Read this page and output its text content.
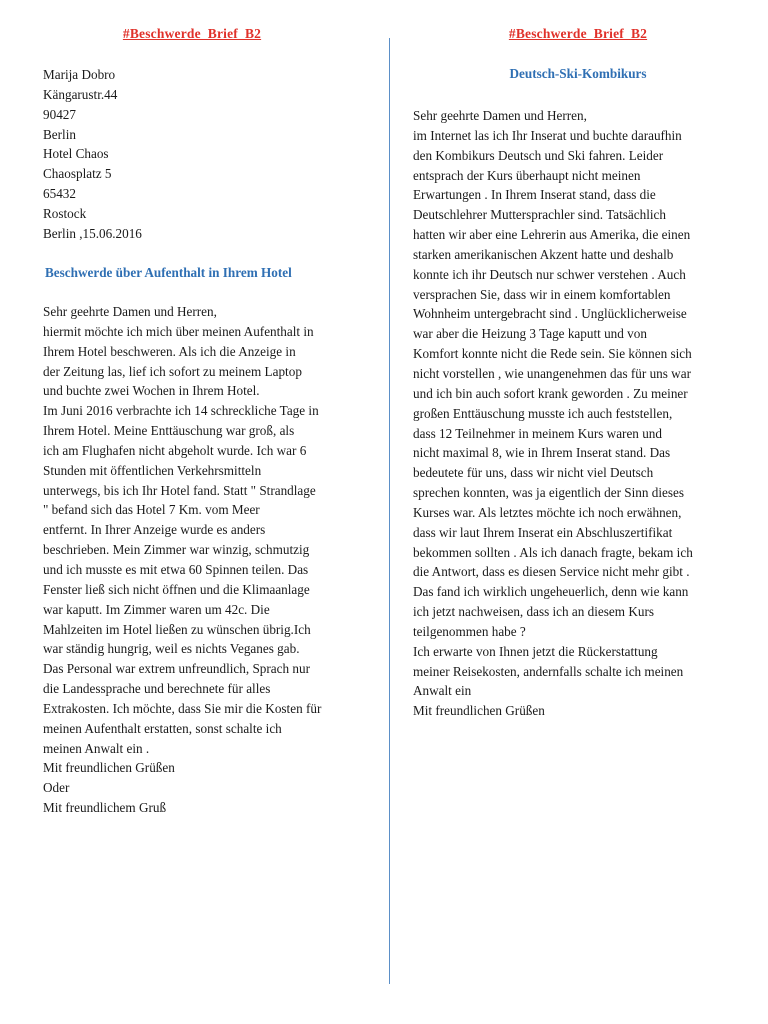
#Beschwerde_Brief_B2
Marija Dobro
Kängarustr.44
90427
Berlin
Hotel Chaos
Chaosplatz 5
65432
Rostock
Berlin ,15.06.2016
Beschwerde über Aufenthalt in Ihrem Hotel
Sehr geehrte Damen und Herren,
hiermit möchte ich mich über meinen Aufenthalt in
Ihrem Hotel beschweren. Als ich die Anzeige in
der Zeitung las, lief ich sofort zu meinem Laptop
und buchte zwei Wochen in Ihrem Hotel.
Im Juni 2016 verbrachte ich 14 schreckliche Tage in
Ihrem Hotel. Meine Enttäuschung war groß, als
ich am Flughafen nicht abgeholt wurde. Ich war 6
Stunden mit öffentlichen Verkehrsmitteln
unterwegs, bis ich Ihr Hotel fand. Statt " Strandlage
" befand sich das Hotel 7 Km. vom Meer
entfernt. In Ihrer Anzeige wurde es anders
beschrieben. Mein Zimmer war winzig, schmutzig
und ich musste es mit etwa 60 Spinnen teilen. Das
Fenster ließ sich nicht öffnen und die Klimaanlage
war kaputt. Im Zimmer waren um 42c. Die
Mahlzeiten im Hotel ließen zu wünschen übrig.Ich
war ständig hungrig, weil es nichts Veganes gab.
Das Personal war extrem unfreundlich, Sprach nur
die Landessprache und berechnete für alles
Extrakosten. Ich möchte, dass Sie mir die Kosten für
meinen Aufenthalt erstatten, sonst schalte ich
meinen Anwalt ein .
Mit freundlichen Grüßen
Oder
Mit freundlichem Gruß
#Beschwerde_Brief_B2
Deutsch-Ski-Kombikurs
Sehr geehrte Damen und Herren,
im Internet las ich Ihr Inserat und buchte daraufhin
den Kombikurs Deutsch und Ski fahren. Leider
entsprach der Kurs überhaupt nicht meinen
Erwartungen . In Ihrem Inserat stand, dass die
Deutschlehrer Muttersprachler sind. Tatsächlich
hatten wir aber eine Lehrerin aus Amerika, die einen
starken amerikanischen Akzent hatte und deshalb
konnte ich ihr Deutsch nur schwer verstehen . Auch
versprachen Sie, dass wir in einem komfortablen
Wohnheim untergebracht sind . Unglücklicherweise
war aber die Heizung 3 Tage kaputt und von
Komfort konnte nicht die Rede sein. Sie können sich
nicht vorstellen , wie unangenehmen das für uns war
und ich bin auch sofort krank geworden . Zu meiner
großen Enttäuschung musste ich auch feststellen,
dass 12 Teilnehmer in meinem Kurs waren und
nicht maximal 8, wie in Ihrem Inserat stand. Das
bedeutete für uns, dass wir nicht viel Deutsch
sprechen konnten, was ja eigentlich der Sinn dieses
Kurses war. Als letztes möchte ich noch erwähnen,
dass wir laut Ihrem Inserat ein Abschluszertifikat
bekommen sollten . Als ich danach fragte, bekam ich
die Antwort, dass es diesen Service nicht mehr gibt .
Das fand ich wirklich ungeheuerlich, denn wie kann
ich jetzt nachweisen, dass ich an diesem Kurs
teilgenommen habe ?
Ich erwarte von Ihnen jetzt die Rückerstattung
meiner Reisekosten, andernfalls schalte ich meinen
Anwalt ein
Mit freundlichen Grüßen
